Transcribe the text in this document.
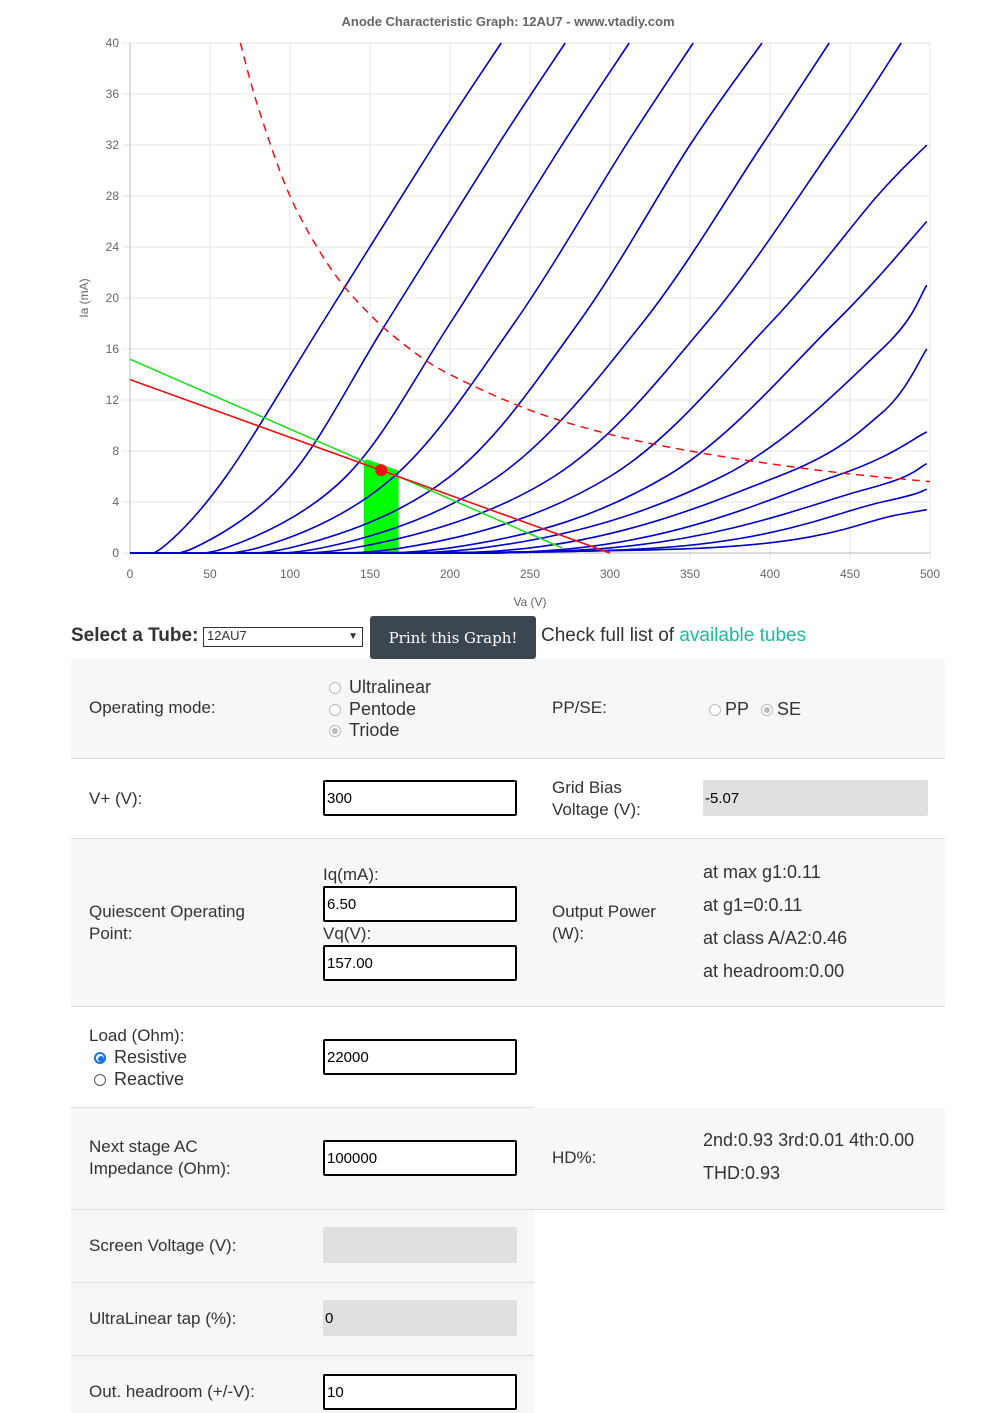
Anode Characteristic Graph: 12AU7 - www.vtadiy.com
0	50	100	150	200	250	300	350	400	450	500
0
4
8
12
16
20
24
28
32
36
40
Va (V)
Ia (mA)
Select a Tube: 12AU7	▼	Print this Graph!	Check full list of available tubes
Operating mode:
Ultralinear
Pentode
Triode
PP/SE:	PP	SE
V+ (V):
300
Grid Bias
Voltage (V):
-5.07
Quiescent Operating
Point:
Iq(mA):
6.50
Vq(V):
157.00
Output Power
(W):
at max g1:0.11
at g1=0:0.11
at class A/A2:0.46
at headroom:0.00
Load (Ohm):
Resistive
Reactive
22000
Next stage AC
Impedance (Ohm):
100000
HD%:
2nd:0.93 3rd:0.01 4th:0.00
THD:0.93
Screen Voltage (V):
UltraLinear tap (%):
0
Out. headroom (+/-V):
10
